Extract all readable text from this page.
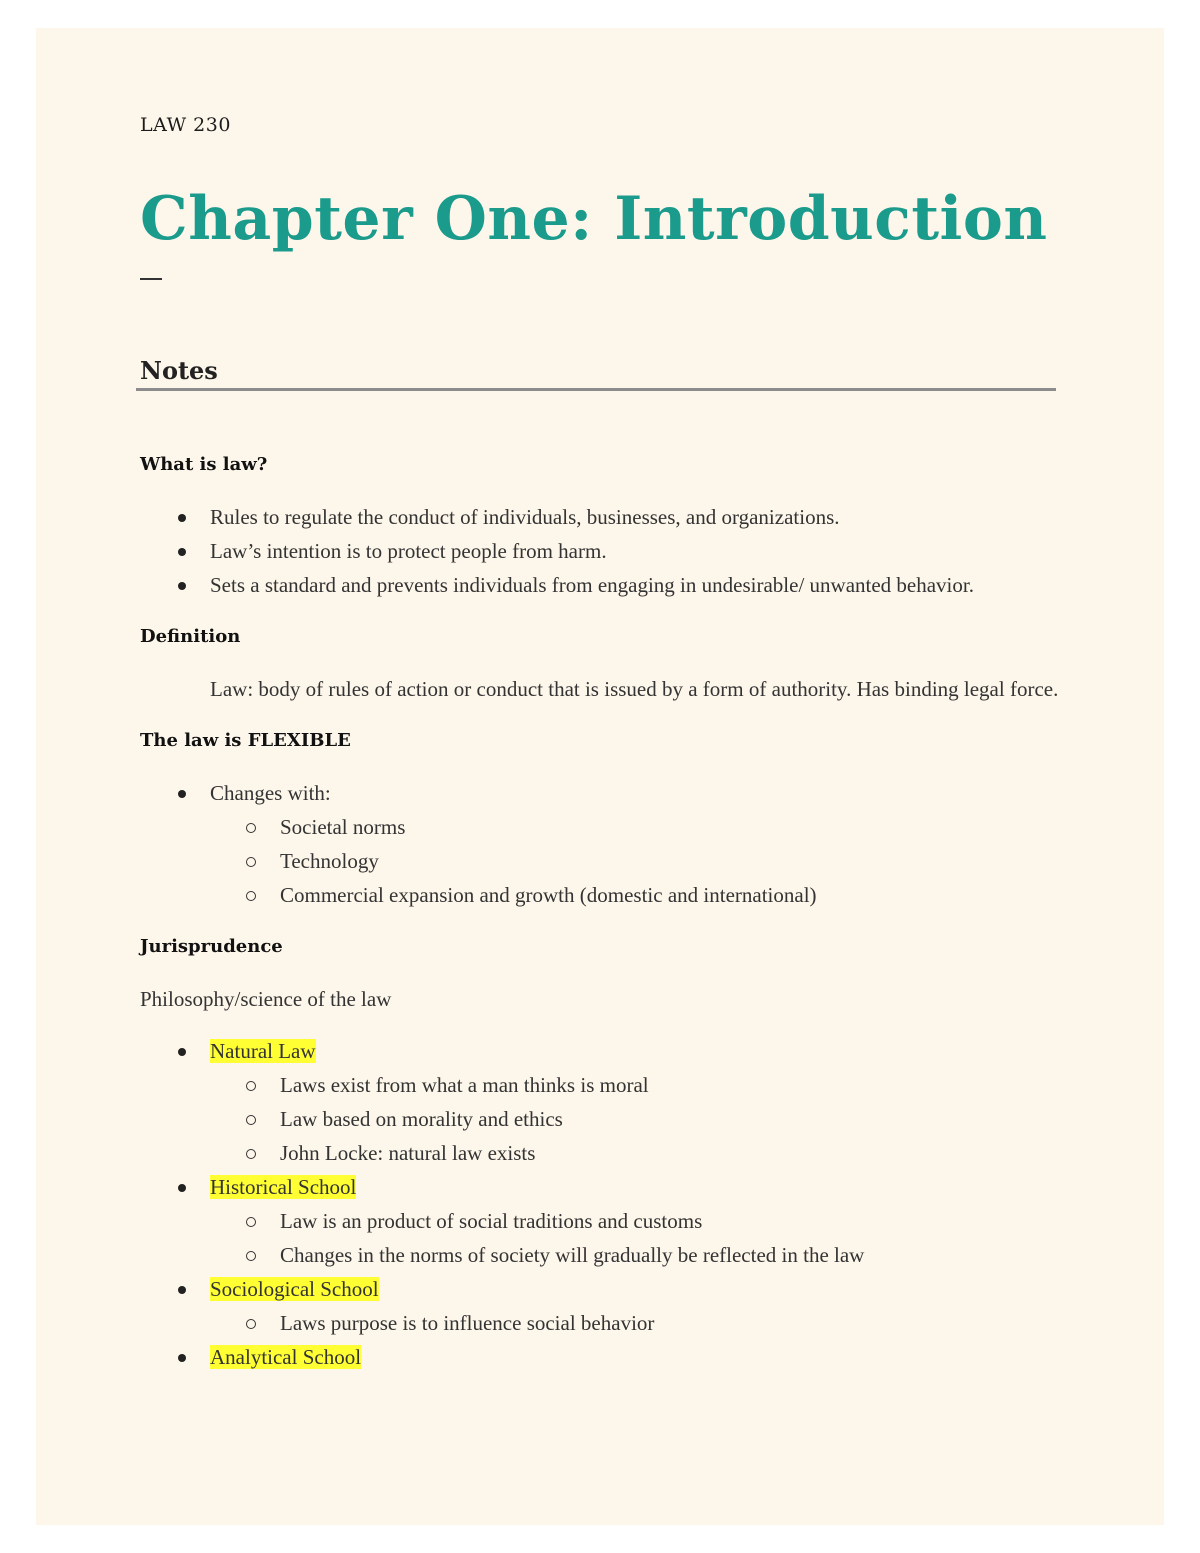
LAW 230
Chapter One: Introduction
Notes

What is law?

Rules to regulate the conduct of individuals, businesses, and organizations.
Law’s intention is to protect people from harm.
Sets a standard and prevents individuals from engaging in undesirable/ unwanted behavior.

Definition

Law: body of rules of action or conduct that is issued by a form of authority. Has binding legal force.

The law is FLEXIBLE

Changes with:
Societal norms
Technology
Commercial expansion and growth (domestic and international)

Jurisprudence

Philosophy/science of the law

Natural Law
Laws exist from what a man thinks is moral
Law based on morality and ethics
John Locke: natural law exists
Historical School
Law is an product of social traditions and customs
Changes in the norms of society will gradually be reflected in the law
Sociological School
Laws purpose is to influence social behavior
Analytical School
